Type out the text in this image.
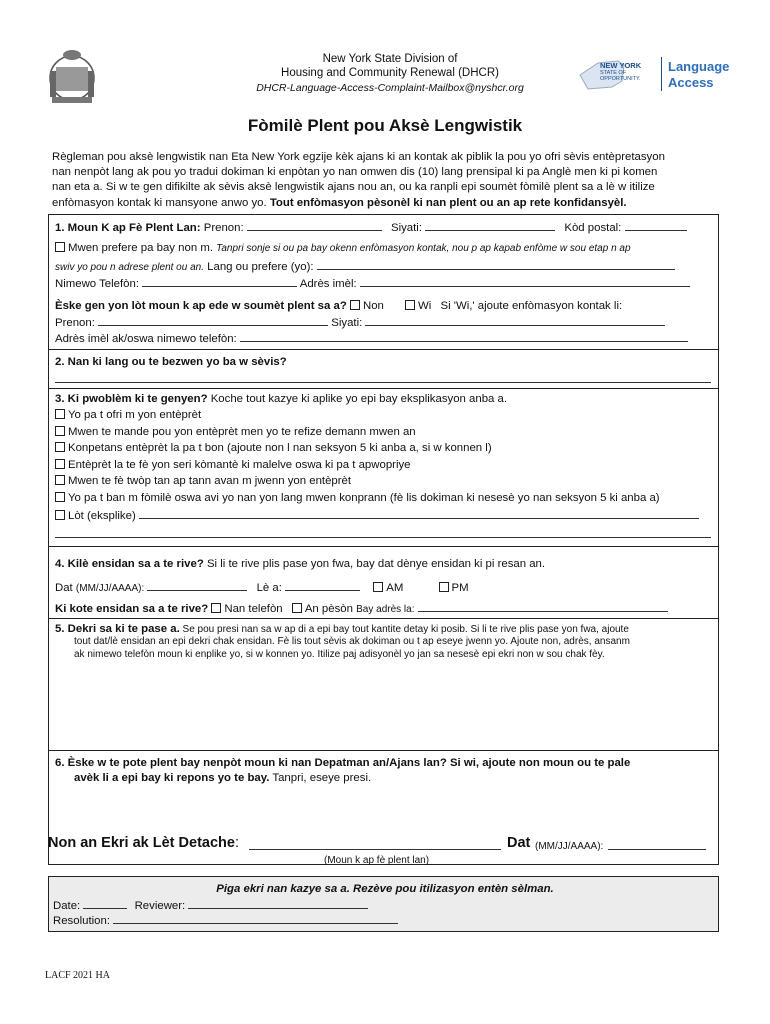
New York State Division of
Housing and Community Renewal (DHCR)
DHCR-Language-Access-Complaint-Mailbox@nyshcr.org
NEW YORK
STATE OF
OPPORTUNITY.
Language
Access
Fòmilè Plent pou Aksè Lengwistik
Règleman pou aksè lengwistik nan Eta New York egzije kèk ajans ki an kontak ak piblik la pou yo ofri sèvis entèpretasyon
nan nenpòt lang ak pou yo tradui dokiman ki enpòtan yo nan omwen dis (10) lang prensipal ki pa Anglè men ki pi komen
nan eta a. Si w te gen difikilte ak sèvis aksè lengwistik ajans nou an, ou ka ranpli epi soumèt fòmilè plent sa a lè w itilize
enfòmasyon kontak ki mansyone anwo yo. Tout enfòmasyon pèsonèl ki nan plent ou an ap rete konfidansyèl.
1. Moun K ap Fè Plent Lan: Prenon:	Siyati:	Kòd postal:
Mwen prefere pa bay non m. Tanpri sonje si ou pa bay okenn enfòmasyon kontak, nou p ap kapab enfòme w sou etap n ap
swiv yo pou n adrese plent ou an. Lang ou prefere (yo):
Nimewo Telefòn:	Adrès imèl:
Èske gen yon lòt moun k ap ede w soumèt plent sa a? Non	Wi Si 'Wi,' ajoute enfòmasyon kontak li:
Prenon:	Siyati:
Adrès imèl ak/oswa nimewo telefòn:
2. Nan ki lang ou te bezwen yo ba w sèvis?
3. Ki pwoblèm ki te genyen? Koche tout kazye ki aplike yo epi bay eksplikasyon anba a.
Yo pa t ofri m yon entèprèt
Mwen te mande pou yon entèprèt men yo te refize demann mwen an
Konpetans entèprèt la pa t bon (ajoute non l nan seksyon 5 ki anba a, si w konnen l)
Entèprèt la te fè yon seri kòmantè ki malelve oswa ki pa t apwopriye
Mwen te fè twòp tan ap tann avan m jwenn yon entèprèt
Yo pa t ban m fòmilè oswa avi yo nan yon lang mwen konprann (fè lis dokiman ki nesesè yo nan seksyon 5 ki anba a)
Lòt (eksplike)
4. Kilè ensidan sa a te rive? Si li te rive plis pase yon fwa, bay dat dènye ensidan ki pi resan an.
Dat (MM/JJ/AAAA):	Lè a:	AM	PM
Ki kote ensidan sa a te rive? Nan telefòn An pèsòn Bay adrès la:
5. Dekri sa ki te pase a. Se pou presi nan sa w ap di a epi bay tout kantite detay ki posib. Si li te rive plis pase yon fwa, ajoute
tout dat/lè ensidan an epi dekri chak ensidan. Fè lis tout sèvis ak dokiman ou t ap eseye jwenn yo. Ajoute non, adrès, ansanm
ak nimewo telefòn moun ki enplike yo, si w konnen yo. Itilize paj adisyonèl yo jan sa nesesè epi ekri non w sou chak fèy.
6. Èske w te pote plent bay nenpòt moun ki nan Depatman an/Ajans lan? Si wi, ajoute non moun ou te pale
avèk li a epi bay ki repons yo te bay. Tanpri, eseye presi.
Non an Ekri ak Lèt Detache:	Dat (MM/JJ/AAAA):
(Moun k ap fè plent lan)
Piga ekri nan kazye sa a. Rezève pou itilizasyon entèn sèlman.
Date:	Reviewer:
Resolution:
LACF 2021 HA
